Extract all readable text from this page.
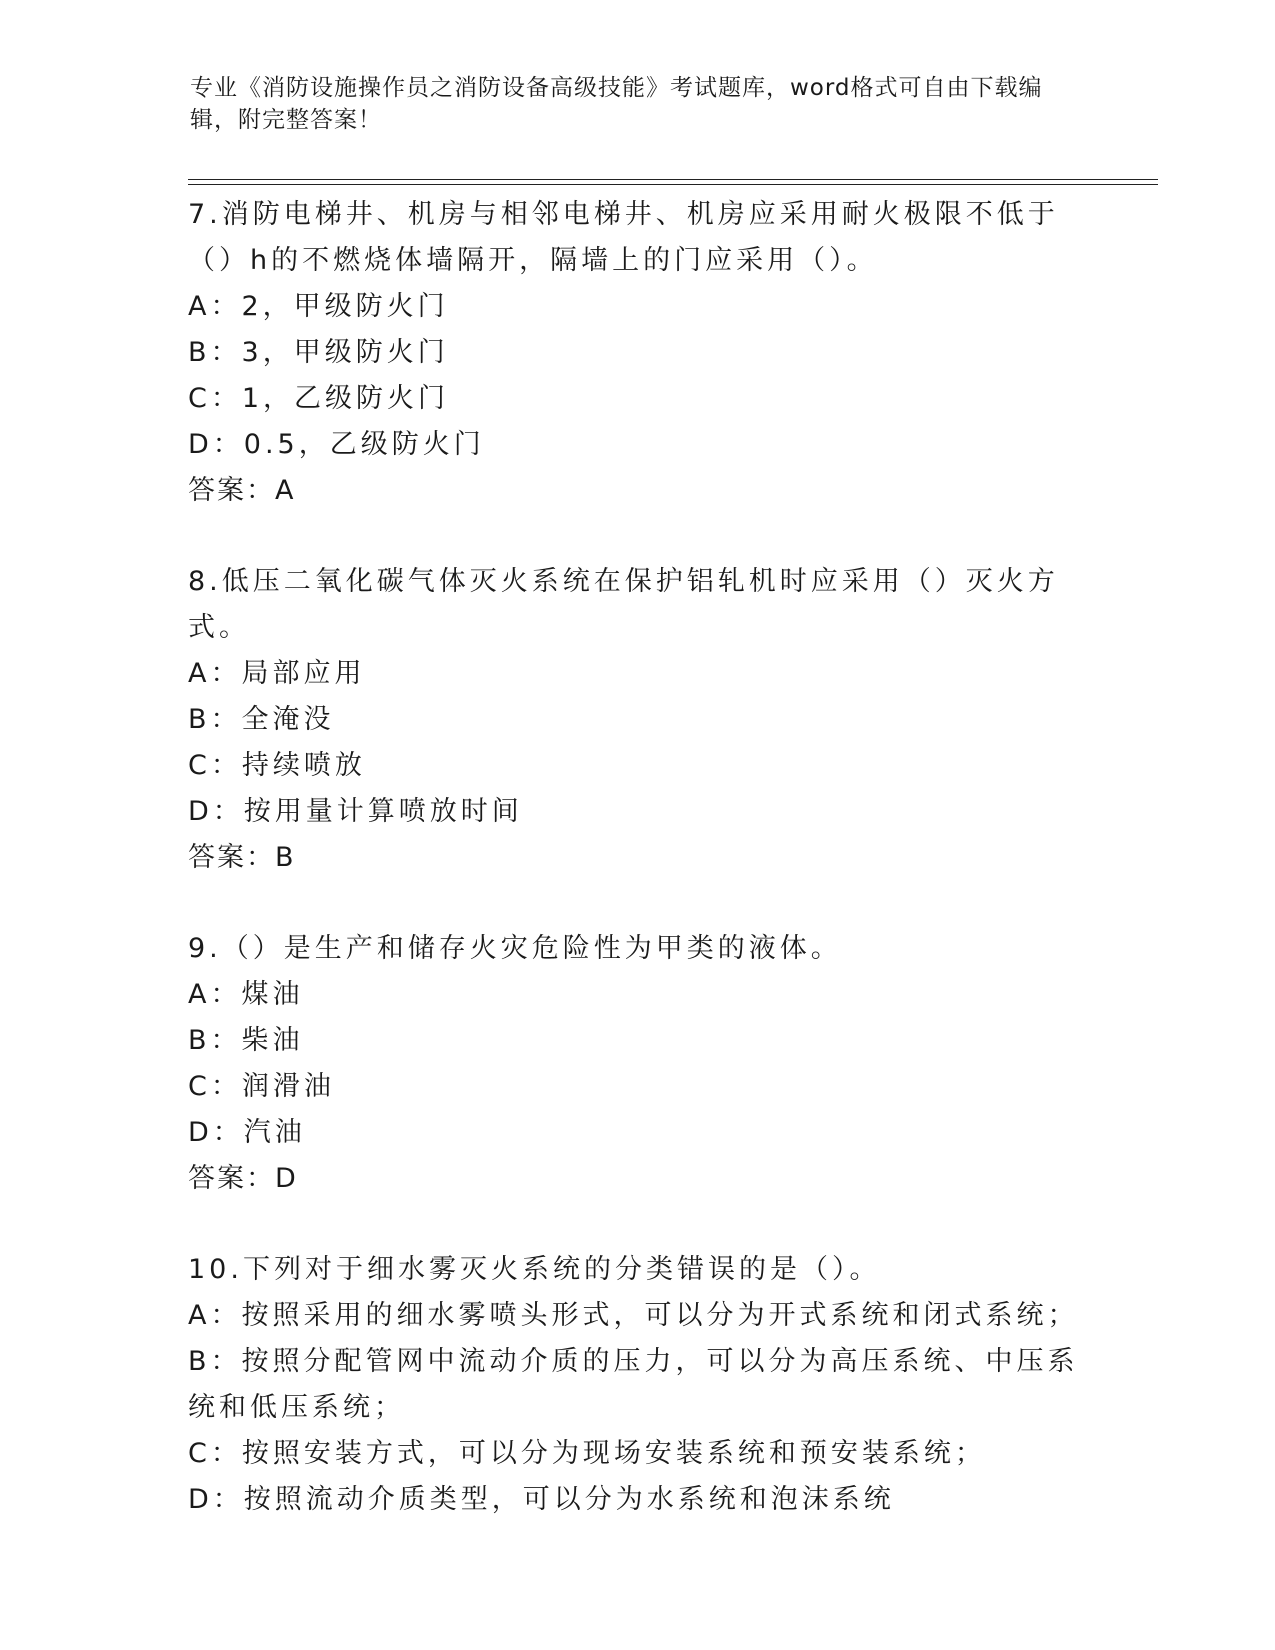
专业《消防设施操作员之消防设备高级技能》考试题库，word格式可自由下载编辑，附完整答案！

7.消防电梯井、机房与相邻电梯井、机房应采用耐火极限不低于（）h的不燃烧体墙隔开，隔墙上的门应采用（）。

A：2，甲级防火门

B：3，甲级防火门

C：1，乙级防火门

D：0.5，乙级防火门

答案：A

8.低压二氧化碳气体灭火系统在保护铝轧机时应采用（）灭火方式。

A：局部应用

B：全淹没

C：持续喷放

D：按用量计算喷放时间

答案：B

9.（）是生产和储存火灾危险性为甲类的液体。

A：煤油

B：柴油

C：润滑油

D：汽油

答案：D

10.下列对于细水雾灭火系统的分类错误的是（）。

A：按照采用的细水雾喷头形式，可以分为开式系统和闭式系统；

B：按照分配管网中流动介质的压力，可以分为高压系统、中压系统和低压系统；

C：按照安装方式，可以分为现场安装系统和预安装系统；

D：按照流动介质类型，可以分为水系统和泡沫系统
